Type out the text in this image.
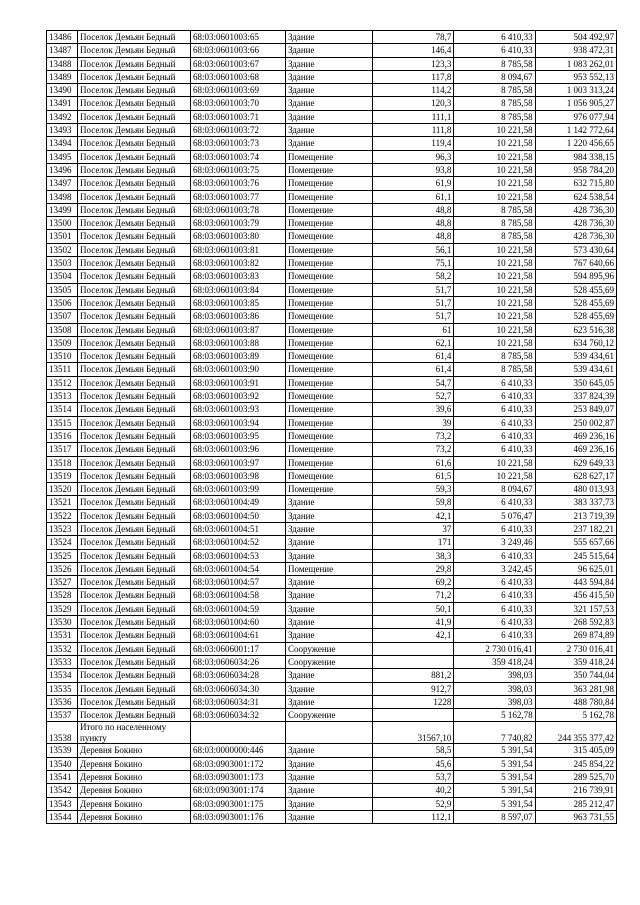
13486	Поселок Демьян Бедный	68:03:0601003:65	Здание	78,7	6 410,33	504 492,97
13487	Поселок Демьян Бедный	68:03:0601003:66	Здание	146,4	6 410,33	938 472,31
13488	Поселок Демьян Бедный	68:03:0601003:67	Здание	123,3	8 785,58	1 083 262,01
13489	Поселок Демьян Бедный	68:03:0601003:68	Здание	117,8	8 094,67	953 552,13
13490	Поселок Демьян Бедный	68:03:0601003:69	Здание	114,2	8 785,58	1 003 313,24
13491	Поселок Демьян Бедный	68:03:0601003:70	Здание	120,3	8 785,58	1 056 905,27
13492	Поселок Демьян Бедный	68:03:0601003:71	Здание	111,1	8 785,58	976 077,94
13493	Поселок Демьян Бедный	68:03:0601003:72	Здание	111,8	10 221,58	1 142 772,64
13494	Поселок Демьян Бедный	68:03:0601003:73	Здание	119,4	10 221,58	1 220 456,65
13495	Поселок Демьян Бедный	68:03:0601003:74	Помещение	96,3	10 221,58	984 338,15
13496	Поселок Демьян Бедный	68:03:0601003:75	Помещение	93,8	10 221,58	958 784,20
13497	Поселок Демьян Бедный	68:03:0601003:76	Помещение	61,9	10 221,58	632 715,80
13498	Поселок Демьян Бедный	68:03:0601003:77	Помещение	61,1	10 221,58	624 538,54
13499	Поселок Демьян Бедный	68:03:0601003:78	Помещение	48,8	8 785,58	428 736,30
13500	Поселок Демьян Бедный	68:03:0601003:79	Помещение	48,8	8 785,58	428 736,30
13501	Поселок Демьян Бедный	68:03:0601003:80	Помещение	48,8	8 785,58	428 736,30
13502	Поселок Демьян Бедный	68:03:0601003:81	Помещение	56,1	10 221,58	573 430,64
13503	Поселок Демьян Бедный	68:03:0601003:82	Помещение	75,1	10 221,58	767 640,66
13504	Поселок Демьян Бедный	68:03:0601003:83	Помещение	58,2	10 221,58	594 895,96
13505	Поселок Демьян Бедный	68:03:0601003:84	Помещение	51,7	10 221,58	528 455,69
13506	Поселок Демьян Бедный	68:03:0601003:85	Помещение	51,7	10 221,58	528 455,69
13507	Поселок Демьян Бедный	68:03:0601003:86	Помещение	51,7	10 221,58	528 455,69
13508	Поселок Демьян Бедный	68:03:0601003:87	Помещение	61	10 221,58	623 516,38
13509	Поселок Демьян Бедный	68:03:0601003:88	Помещение	62,1	10 221,58	634 760,12
13510	Поселок Демьян Бедный	68:03:0601003:89	Помещение	61,4	8 785,58	539 434,61
13511	Поселок Демьян Бедный	68:03:0601003:90	Помещение	61,4	8 785,58	539 434,61
13512	Поселок Демьян Бедный	68:03:0601003:91	Помещение	54,7	6 410,33	350 645,05
13513	Поселок Демьян Бедный	68:03:0601003:92	Помещение	52,7	6 410,33	337 824,39
13514	Поселок Демьян Бедный	68:03:0601003:93	Помещение	39,6	6 410,33	253 849,07
13515	Поселок Демьян Бедный	68:03:0601003:94	Помещение	39	6 410,33	250 002,87
13516	Поселок Демьян Бедный	68:03:0601003:95	Помещение	73,2	6 410,33	469 236,16
13517	Поселок Демьян Бедный	68:03:0601003:96	Помещение	73,2	6 410,33	469 236,16
13518	Поселок Демьян Бедный	68:03:0601003:97	Помещение	61,6	10 221,58	629 649,33
13519	Поселок Демьян Бедный	68:03:0601003:98	Помещение	61,5	10 221,58	628 627,17
13520	Поселок Демьян Бедный	68:03:0601003:99	Помещение	59,3	8 094,67	480 013,93
13521	Поселок Демьян Бедный	68:03:0601004:49	Здание	59,8	6 410,33	383 337,73
13522	Поселок Демьян Бедный	68:03:0601004:50	Здание	42,1	5 076,47	213 719,39
13523	Поселок Демьян Бедный	68:03:0601004:51	Здание	37	6 410,33	237 182,21
13524	Поселок Демьян Бедный	68:03:0601004:52	Здание	171	3 249,46	555 657,66
13525	Поселок Демьян Бедный	68:03:0601004:53	Здание	38,3	6 410,33	245 515,64
13526	Поселок Демьян Бедный	68:03:0601004:54	Помещение	29,8	3 242,45	96 625,01
13527	Поселок Демьян Бедный	68:03:0601004:57	Здание	69,2	6 410,33	443 594,84
13528	Поселок Демьян Бедный	68:03:0601004:58	Здание	71,2	6 410,33	456 415,50
13529	Поселок Демьян Бедный	68:03:0601004:59	Здание	50,1	6 410,33	321 157,53
13530	Поселок Демьян Бедный	68:03:0601004:60	Здание	41,9	6 410,33	268 592,83
13531	Поселок Демьян Бедный	68:03:0601004:61	Здание	42,1	6 410,33	269 874,89
13532	Поселок Демьян Бедный	68:03:0606001:17	Сооружение		2 730 016,41	2 730 016,41
13533	Поселок Демьян Бедный	68:03:0606034:26	Сооружение		359 418,24	359 418,24
13534	Поселок Демьян Бедный	68:03:0606034:28	Здание	881,2	398,03	350 744,04
13535	Поселок Демьян Бедный	68:03:0606034:30	Здание	912,7	398,03	363 281,98
13536	Поселок Демьян Бедный	68:03:0606034:31	Здание	1228	398,03	488 780,84
13537	Поселок Демьян Бедный	68:03:0606034:32	Сооружение		5 162,78	5 162,78
13538	Итого по населенному пункту			31567,10	7 740,82	244 355 377,42
13539	Деревня Бокино	68:03:0000000:446	Здание	58,5	5 391,54	315 405,09
13540	Деревня Бокино	68:03:0903001:172	Здание	45,6	5 391,54	245 854,22
13541	Деревня Бокино	68:03:0903001:173	Здание	53,7	5 391,54	289 525,70
13542	Деревня Бокино	68:03:0903001:174	Здание	40,2	5 391,54	216 739,91
13543	Деревня Бокино	68:03:0903001:175	Здание	52,9	5 391,54	285 212,47
13544	Деревня Бокино	68:03:0903001:176	Здание	112,1	8 597,07	963 731,55
